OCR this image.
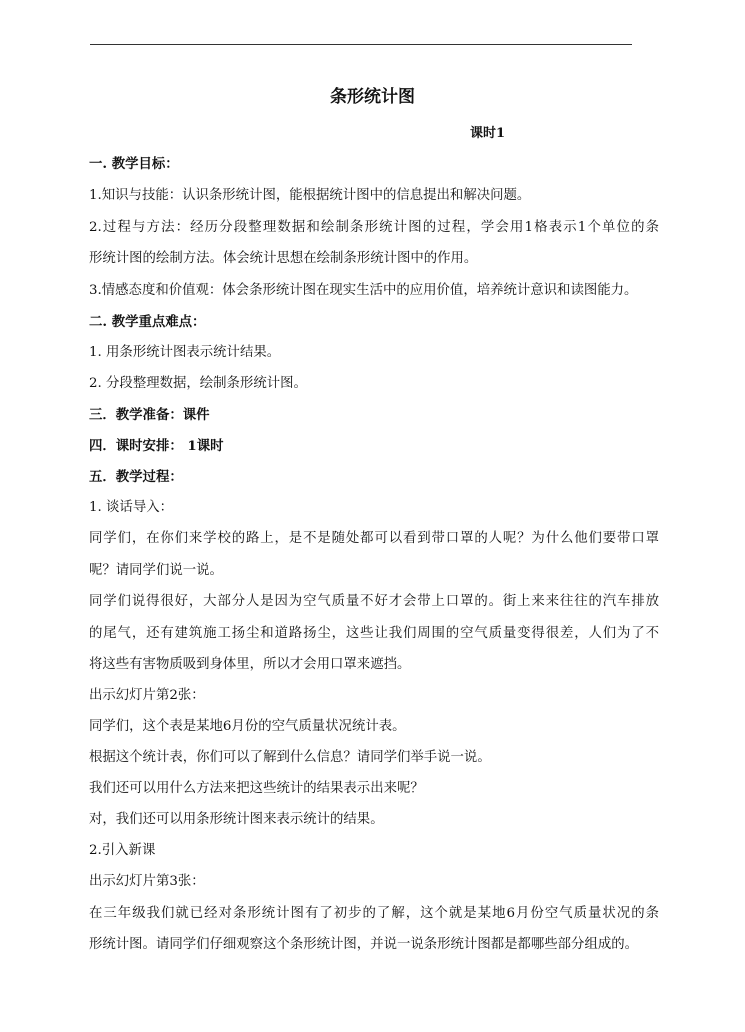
条形统计图
课时1
一. 教学目标：
1.知识与技能：认识条形统计图，能根据统计图中的信息提出和解决问题。
2.过程与方法：经历分段整理数据和绘制条形统计图的过程，学会用1格表示1个单位的条
形统计图的绘制方法。体会统计思想在绘制条形统计图中的作用。
3.情感态度和价值观：体会条形统计图在现实生活中的应用价值，培养统计意识和读图能力。
二. 教学重点难点：
1. 用条形统计图表示统计结果。
2. 分段整理数据，绘制条形统计图。
三．教学准备：课件
四．课时安排： 1课时
五．教学过程：
1. 谈话导入：
同学们，在你们来学校的路上，是不是随处都可以看到带口罩的人呢？为什么他们要带口罩
呢？请同学们说一说。
同学们说得很好，大部分人是因为空气质量不好才会带上口罩的。街上来来往往的汽车排放
的尾气，还有建筑施工扬尘和道路扬尘，这些让我们周围的空气质量变得很差，人们为了不
将这些有害物质吸到身体里，所以才会用口罩来遮挡。
出示幻灯片第2张：
同学们，这个表是某地6月份的空气质量状况统计表。
根据这个统计表，你们可以了解到什么信息？请同学们举手说一说。
我们还可以用什么方法来把这些统计的结果表示出来呢？
对，我们还可以用条形统计图来表示统计的结果。
2.引入新课
出示幻灯片第3张：
在三年级我们就已经对条形统计图有了初步的了解，这个就是某地6月份空气质量状况的条
形统计图。请同学们仔细观察这个条形统计图，并说一说条形统计图都是都哪些部分组成的。
